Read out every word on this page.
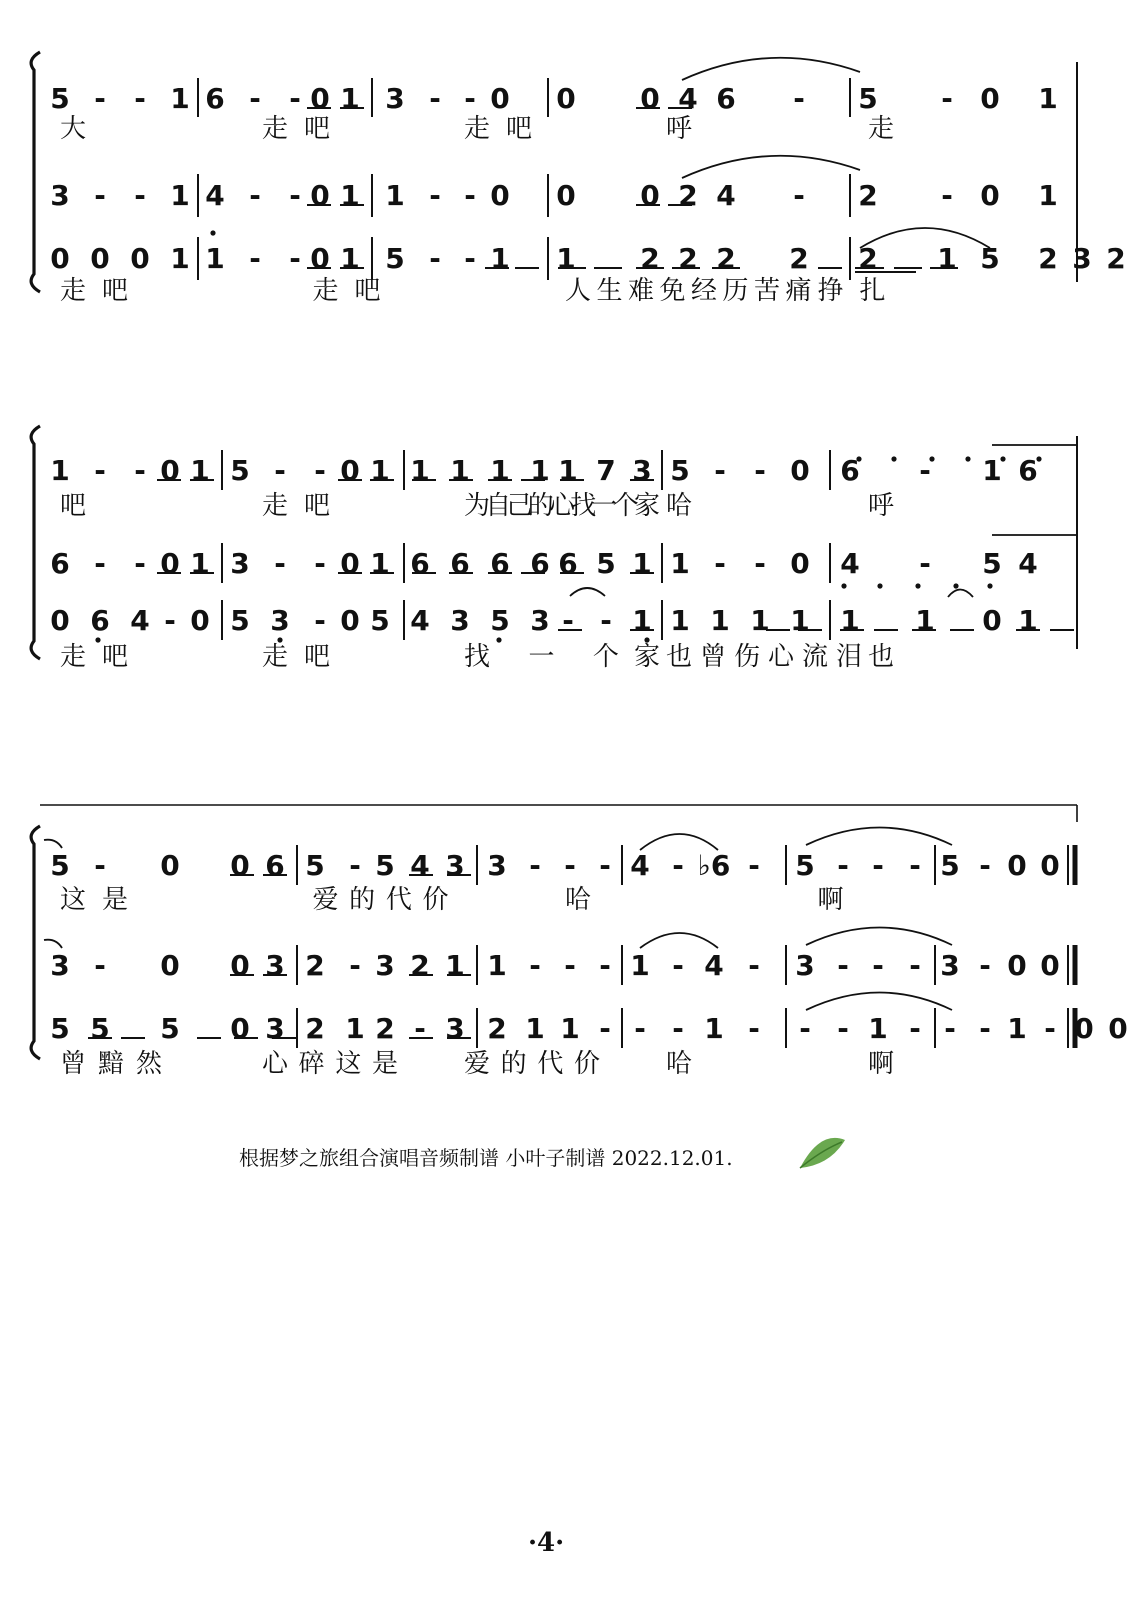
5 - - 1 6 - - 0 1 3 - - 0 0 0 4 6 - 5 - 0 1
大	走吧	走吧	呼	走
3 - - 1 4 - - 0 1 1 - - 0 0 0 2 4 - 2 - 0 1
0 0 0 1 1 - - 0 1 5 - - 1 1 2 2 2 2 2 1 5 2 3 2
走吧	走吧	人生难免经历苦痛 挣扎
1 - - 0 1 5 - - 0 1 1 1 1 1 1 7 3 5 - - 0 6 - 1 6
吧	走吧	为自己的心找一个家 哈	呼
6 - - 0 1 3 - - 0 1 6 6 6 6 6 5 1 1 - - 0 4 - 5 4
0 6 4 - 0 5 3 - 0 5 4 3 5 3 - - 1 1 1 1 1 1 1 0 1
走吧	走吧	找 一 个家 也曾伤心流泪 也
5 - 0 0 6 5 - 5 4 3 3 - - - 4 - ♭6 - 5 - - - 5 - 0 0
这是	爱的代价	哈	啊
3 - 0 0 3 2 - 3 2 1 1 - - - 1 - 4 - 3 - - - 3 - 0 0
5 5 5 0 3 2 1 2 - 3 2 1 1 - - - 1 - - - 1 - - - 1 - 0 0
曾黯然	心碎这是	爱的代价	哈	啊
根据梦之旅组合演唱音频制谱 小叶子制谱 2022.12.01.
·4·
